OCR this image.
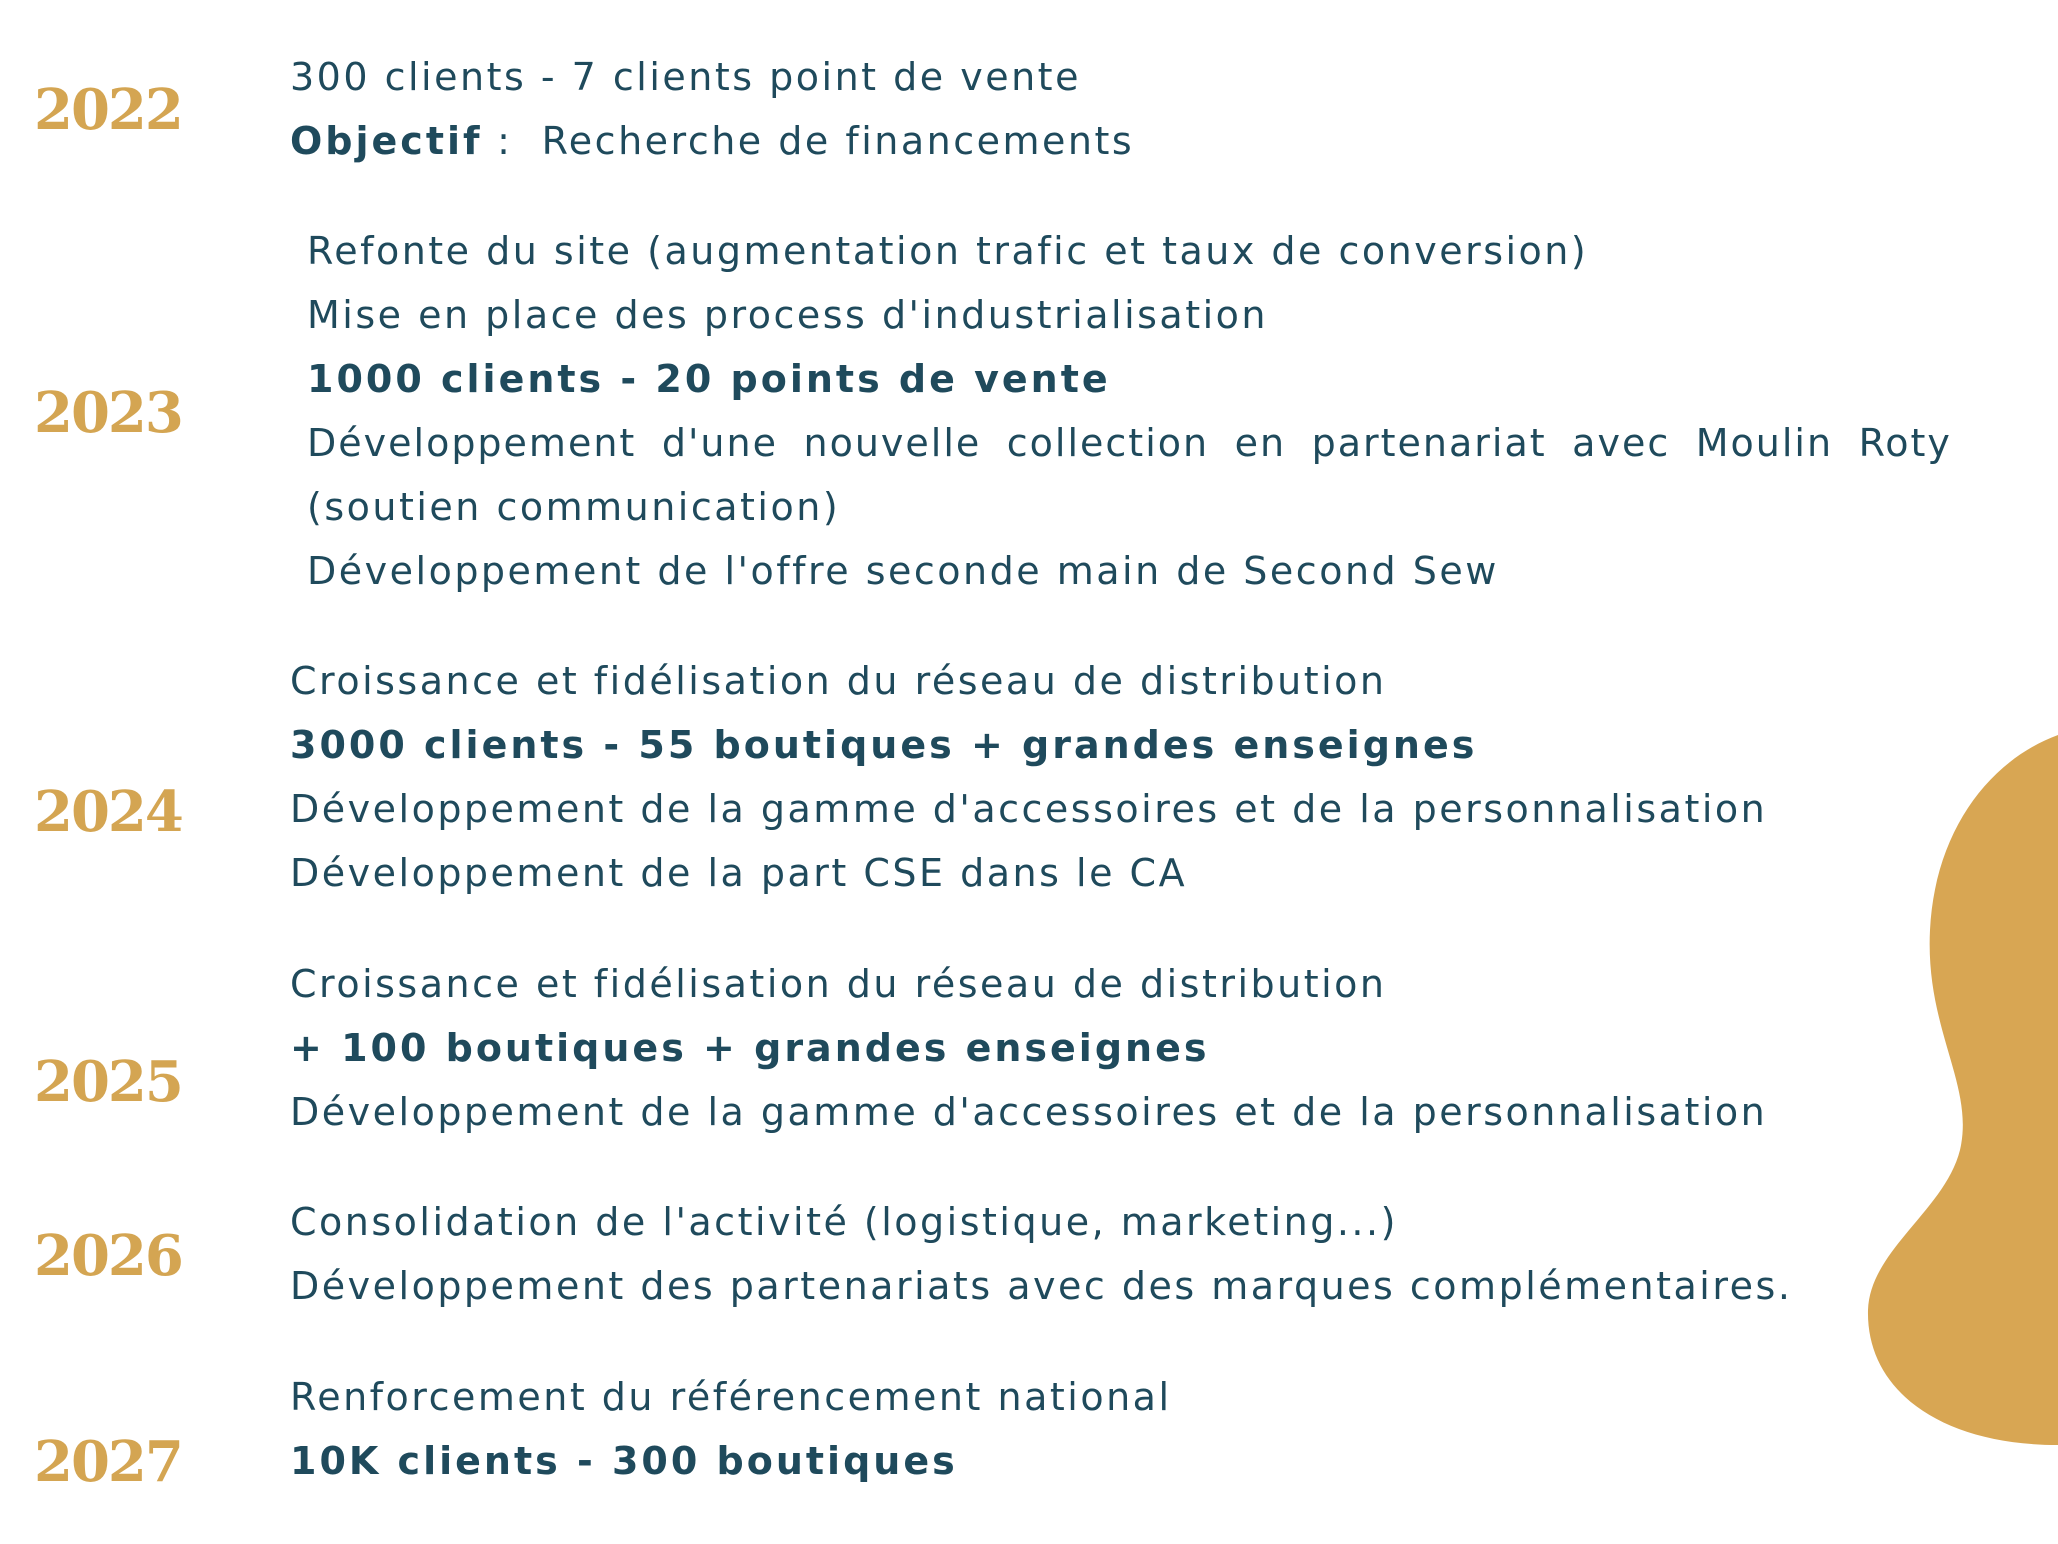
2022
2023
2024
2025
2026
2027
300 clients - 7 clients point de vente
Objectif :  Recherche de financements
Refonte du site (augmentation trafic et taux de conversion)
Mise en place des process d'industrialisation
1000 clients - 20 points de vente
Développement d'une nouvelle collection en partenariat avec Moulin Roty
(soutien communication)
Développement de l'offre seconde main de Second Sew
Croissance et fidélisation du réseau de distribution
3000 clients - 55 boutiques + grandes enseignes
Développement de la gamme d'accessoires et de la personnalisation
Développement de la part CSE dans le CA
Croissance et fidélisation du réseau de distribution
+ 100 boutiques + grandes enseignes
Développement de la gamme d'accessoires et de la personnalisation
Consolidation de l'activité (logistique, marketing...)
Développement des partenariats avec des marques complémentaires.
Renforcement du référencement national
10K clients - 300 boutiques
